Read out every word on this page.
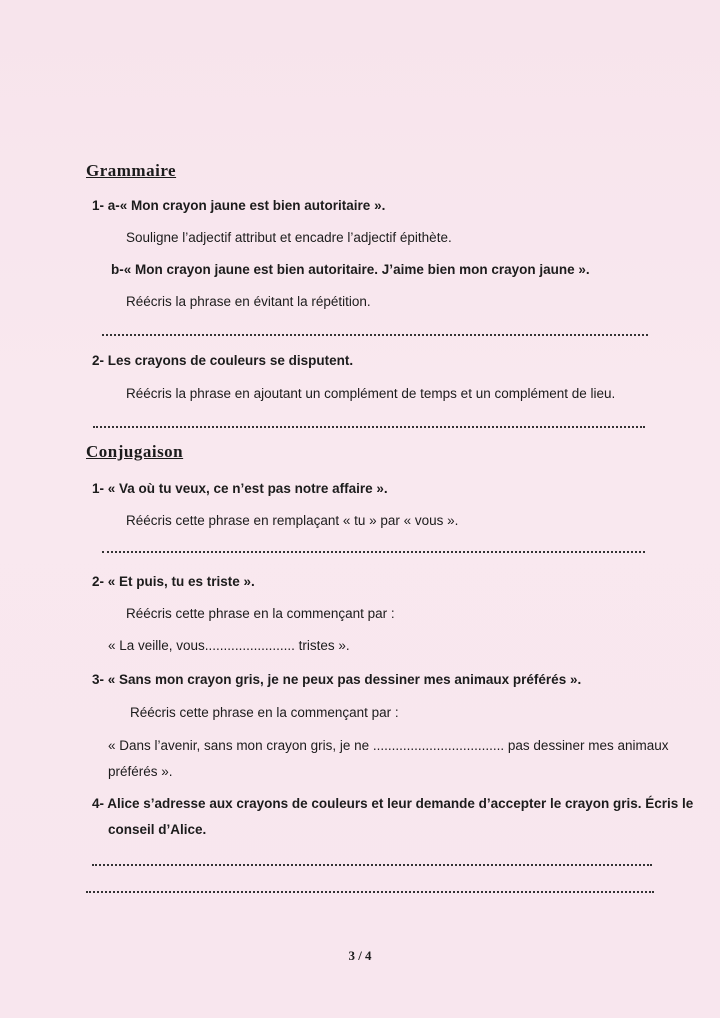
Grammaire
1- a-« Mon crayon jaune est bien autoritaire ».
Souligne l’adjectif attribut et encadre l’adjectif épithète.
b-« Mon crayon jaune est bien autoritaire. J’aime bien mon crayon jaune ».
Réécris la phrase en évitant la répétition.
2- Les crayons de couleurs se disputent.
Réécris la phrase en ajoutant un complément de temps et un complément de lieu.
Conjugaison
1- « Va où tu veux, ce n’est pas notre affaire ».
Réécris cette phrase en remplaçant « tu » par « vous ».
2- « Et puis, tu es triste ».
Réécris cette phrase en la commençant par :
« La veille, vous........................ tristes ».
3- « Sans mon crayon gris, je ne peux pas dessiner mes animaux préférés ».
Réécris cette phrase en la commençant par :
« Dans l’avenir, sans mon crayon gris, je ne ................................... pas dessiner mes animaux
préférés ».
4- Alice s’adresse aux crayons de couleurs et leur demande d’accepter le crayon gris. Écris le
conseil d’Alice.
3 / 4
